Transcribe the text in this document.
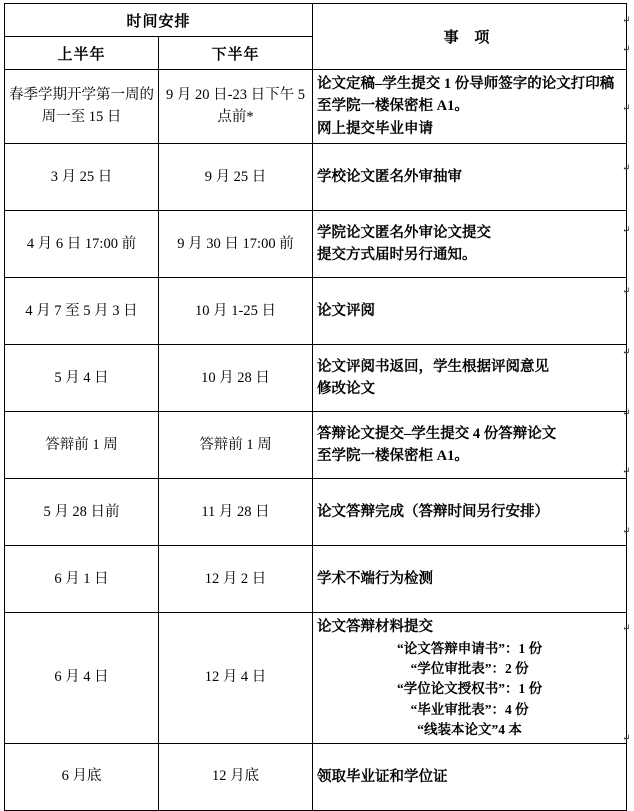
时间安排		事 项
上半年	下半年	
春季学期开学第一周的周一至 15 日	9 月 20 日-23 日下午 5 点前*	论文定稿–学生提交 1 份导师签字的论文打印稿至学院一楼保密柜 A1。
网上提交毕业申请

3 月 25 日	9 月 25 日	学校论文匿名外审抽审
4 月 6 日 17:00 前	9 月 30 日 17:00 前	学院论文匿名外审论文提交
提交方式届时另行通知。

4 月 7 至 5 月 3 日	10 月 1-25 日	论文评阅
5 月 4 日	10 月 28 日	论文评阅书返回，学生根据评阅意见
修改论文

答辩前 1 周	答辩前 1 周	答辩论文提交–学生提交 4 份答辩论文
至学院一楼保密柜 A1。

5 月 28 日前	11 月 28 日	论文答辩完成（答辩时间另行安排）
6 月 1 日	12 月 2 日	学术不端行为检测
6 月 4 日	12 月 4 日	论文答辩材料提交
“论文答辩申请书”：1 份
“学位审批表”：2 份
“学位论文授权书”：1 份
“毕业审批表”：4 份
“线装本论文”4 本

6 月底	12 月底	领取毕业证和学位证
↵
↵
↵
↵
↵
↵
↵
↵
↵
↵
↵
↵
